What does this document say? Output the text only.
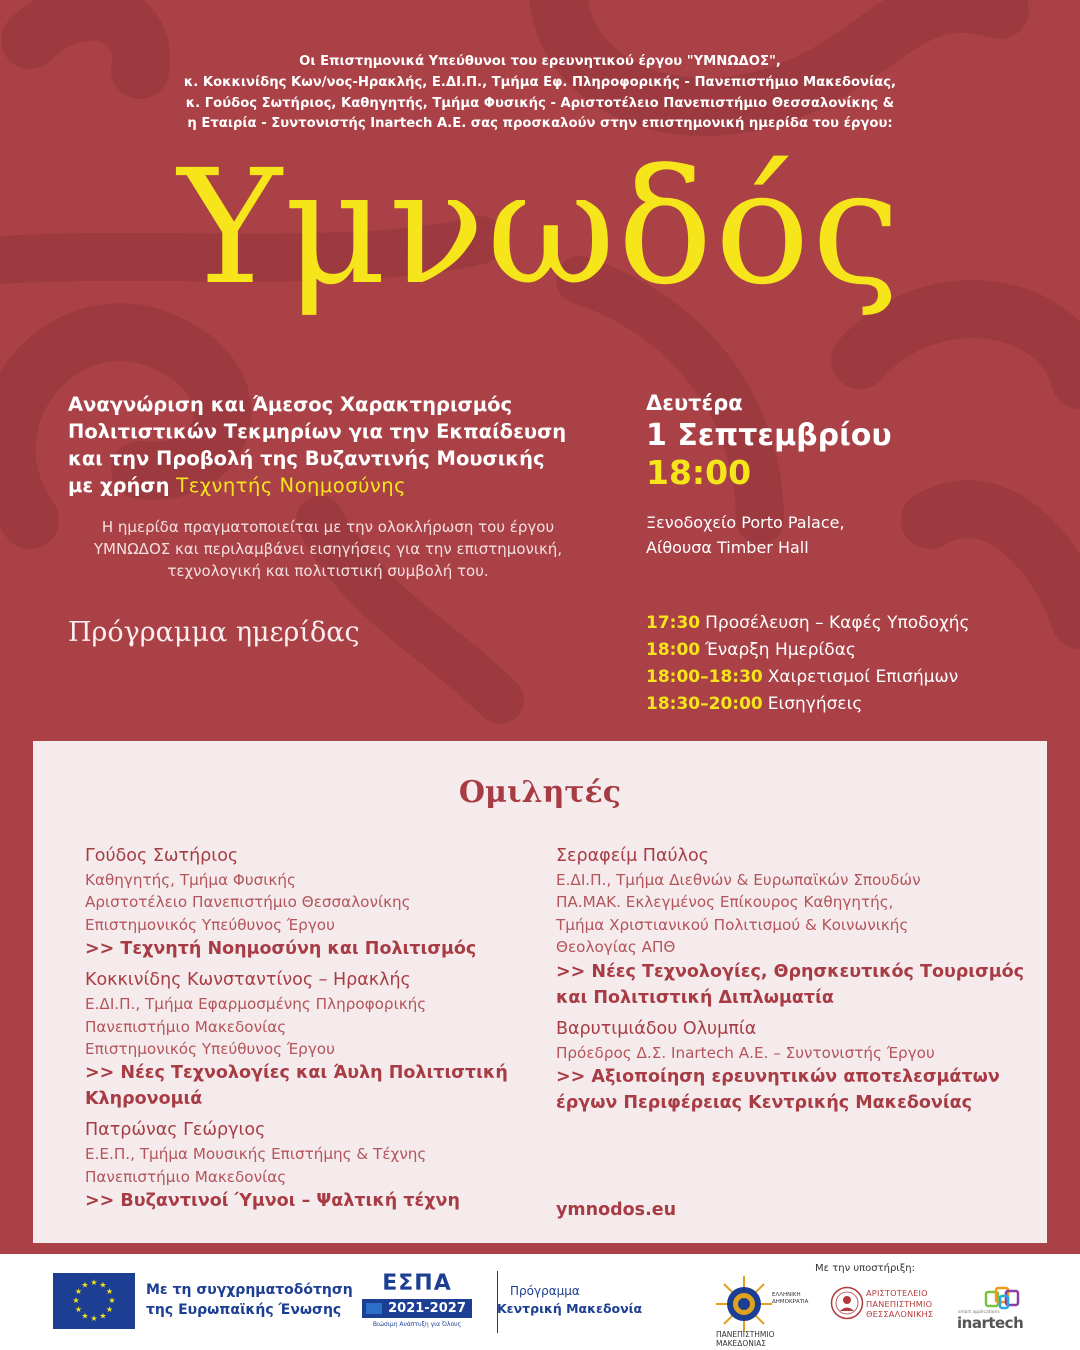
Οι Επιστημονικά Υπεύθυνοι του ερευνητικού έργου "ΥΜΝΩΔΟΣ",
κ. Κοκκινίδης Κων/νος-Ηρακλής, Ε.ΔΙ.Π., Τμήμα Εφ. Πληροφορικής - Πανεπιστήμιο Μακεδονίας,
κ. Γούδος Σωτήριος, Καθηγητής, Τμήμα Φυσικής - Αριστοτέλειο Πανεπιστήμιο Θεσσαλονίκης &
η Εταιρία - Συντονιστής Inartech Α.Ε. σας προσκαλούν στην επιστημονική ημερίδα του έργου:
Υμνωδός
Αναγνώριση και Άμεσος Χαρακτηρισμός
Πολιτιστικών Τεκμηρίων για την Εκπαίδευση
και την Προβολή της Βυζαντινής Μουσικής
με χρήση Τεχνητής Νοημοσύνης
Η ημερίδα πραγματοποιείται με την ολοκλήρωση του έργου
ΥΜΝΩΔΟΣ και περιλαμβάνει εισηγήσεις για την επιστημονική,
τεχνολογική και πολιτιστική συμβολή του.
Πρόγραμμα ημερίδας
Δευτέρα
1 Σεπτεμβρίου
18:00
Ξενοδοχείο Porto Palace,
Αίθουσα Timber Hall
17:30 Προσέλευση – Καφές Υποδοχής
18:00 Έναρξη Ημερίδας
18:00–18:30 Χαιρετισμοί Επισήμων
18:30–20:00 Εισηγήσεις
Ομιλητές
Γούδος Σωτήριος
Καθηγητής, Τμήμα Φυσικής
Αριστοτέλειο Πανεπιστήμιο Θεσσαλονίκης
Επιστημονικός Υπεύθυνος Έργου
>> Τεχνητή Νοημοσύνη και Πολιτισμός
Κοκκινίδης Κωνσταντίνος – Ηρακλής
Ε.ΔΙ.Π., Τμήμα Εφαρμοσμένης Πληροφορικής
Πανεπιστήμιο Μακεδονίας
Επιστημονικός Υπεύθυνος Έργου
>> Νέες Τεχνολογίες και Άυλη Πολιτιστική
Κληρονομιά
Πατρώνας Γεώργιος
Ε.Ε.Π., Τμήμα Μουσικής Επιστήμης & Τέχνης
Πανεπιστήμιο Μακεδονίας
>> Βυζαντινοί Ύμνοι – Ψαλτική τέχνη
Σεραφείμ Παύλος
Ε.ΔΙ.Π., Τμήμα Διεθνών & Ευρωπαϊκών Σπουδών
ΠΑ.ΜΑΚ. Εκλεγμένος Επίκουρος Καθηγητής,
Τμήμα Χριστιανικού Πολιτισμού & Κοινωνικής
Θεολογίας ΑΠΘ
>> Νέες Τεχνολογίες, Θρησκευτικός Τουρισμός
και Πολιτιστική Διπλωματία
Βαρυτιμιάδου Ολυμπία
Πρόεδρος Δ.Σ. Inartech Α.Ε. – Συντονιστής Έργου
>> Αξιοποίηση ερευνητικών αποτελεσμάτων
έργων Περιφέρειας Κεντρικής Μακεδονίας
ymnodos.eu
★ ★
★
★
★
★
★
★
★
★
★
★	Με τη συγχρηματοδότηση
της Ευρωπαϊκής Ένωσης
ΕΣΠΑ
2021-2027
Βιώσιμη Ανάπτυξη για Όλους
Πρόγραμμα
Κεντρική Μακεδονία
ΕΛΛΗΝΙΚΗ
ΔΗΜΟΚΡΑΤΙΑ
ΠΑΝΕΠΙΣΤΗΜΙΟ
ΜΑΚΕΔΟΝΙΑΣ
Με την υποστήριξη:
ΑΡΙΣΤΟΤΕΛΕΙΟ
ΠΑΝΕΠΙΣΤΗΜΙΟ
ΘΕΣΣΑΛΟΝΙΚΗΣ	smart applications
inartech
